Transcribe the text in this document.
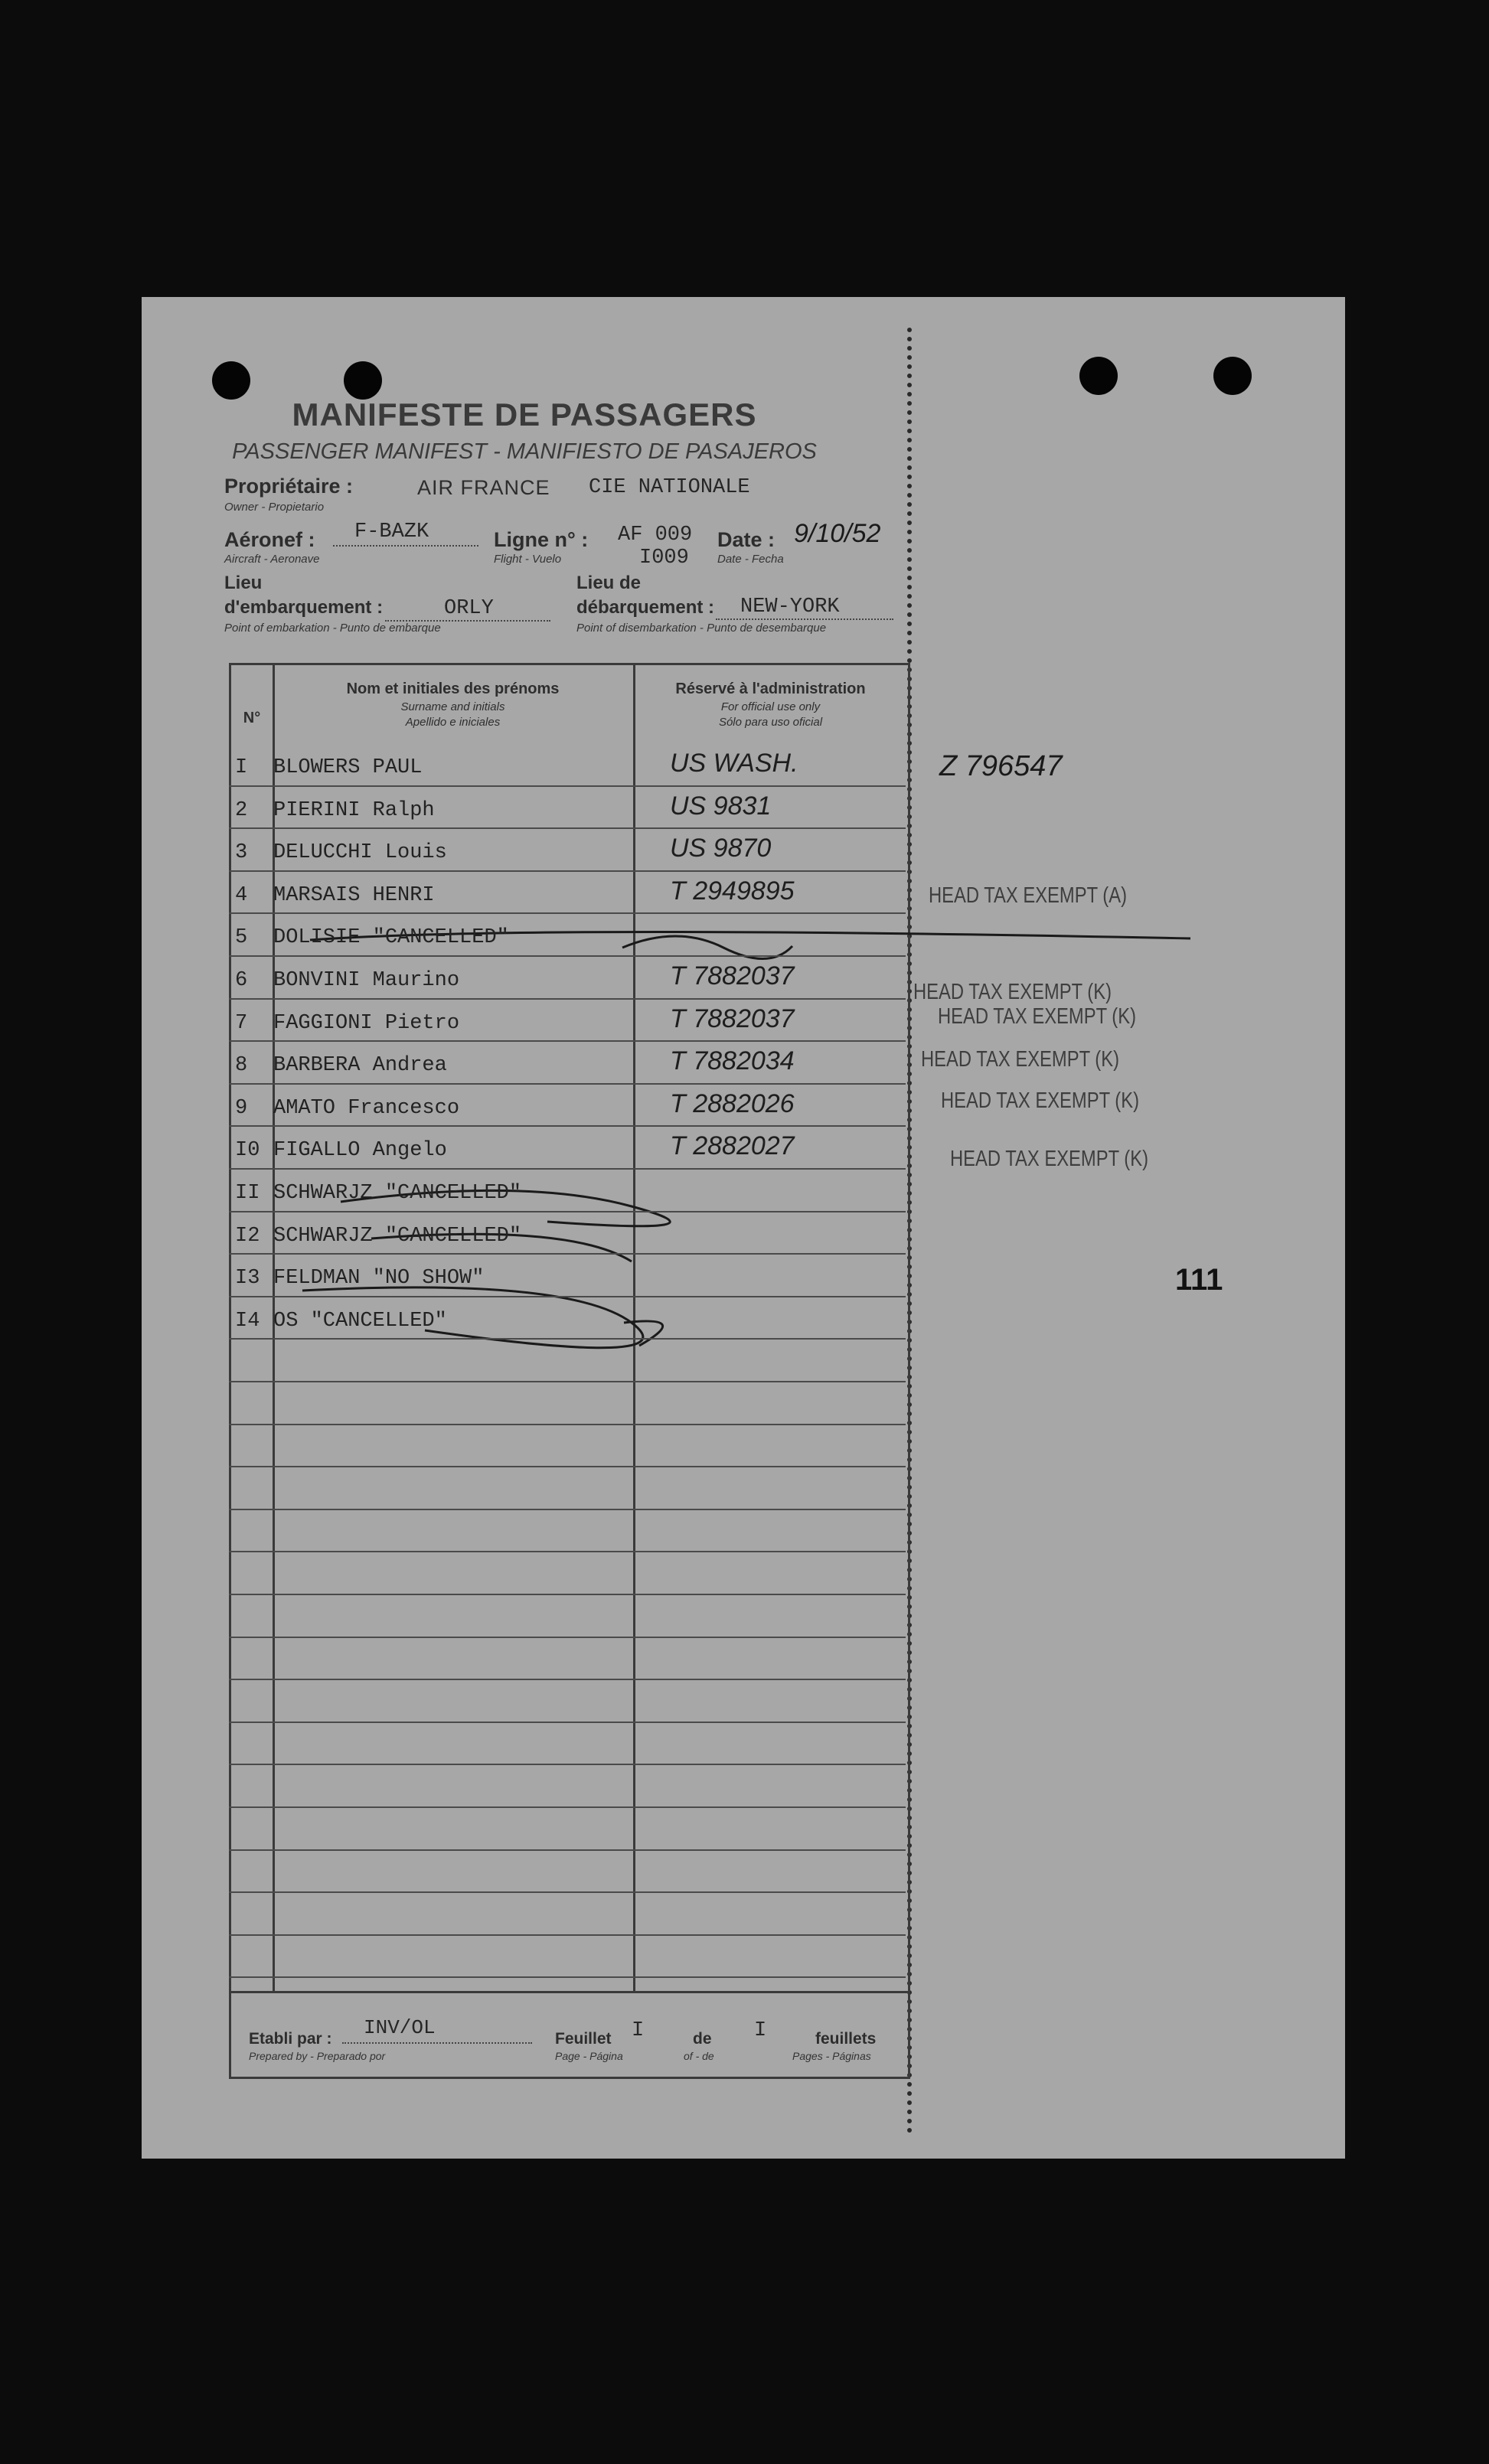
MANIFESTE DE PASSAGERS
PASSENGER MANIFEST - MANIFIESTO DE PASAJEROS
Propriétaire :
Owner - Propietario
AIR FRANCE CIE NATIONALE
Aéronef :
Aircraft - Aeronave
F-BAZK	Ligne n° :
Flight - Vuelo
AF 009
I009
Date :
Date - Fecha
9/10/52
Lieu
d'embarquement :
Point of embarkation - Punto de embarque
ORLY
Lieu de
débarquement :
Point of disembarkation - Punto de desembarque
NEW-YORK
N°
Nom et initiales des prénoms
Surname and initials
Apellido e iniciales
Réservé à l'administration
For official use only
Sólo para uso oficial
Z 796547
HEAD TAX EXEMPT (A)
HEAD TAX EXEMPT (K)
HEAD TAX EXEMPT (K)
HEAD TAX EXEMPT (K)
HEAD TAX EXEMPT (K)
HEAD TAX EXEMPT (K)
111
Etabli par :
Prepared by - Preparado por
INV/OL	Feuillet
Page - Página
I	de
of - de
I	feuillets
Pages - Páginas
I BLOWERS PAUL	US WASH.
2 PIERINI Ralph	US 9831
3 DELUCCHI Louis	US 9870
4 MARSAIS HENRI	T 2949895
5 DOLISIE "CANCELLED"
6 BONVINI Maurino	T 7882037
7 FAGGIONI Pietro	T 7882037
8 BARBERA Andrea	T 7882034
9 AMATO Francesco	T 2882026
I0 FIGALLO Angelo	T 2882027
II SCHWARJZ "CANCELLED"
I2 SCHWARJZ "CANCELLED"
I3 FELDMAN "NO SHOW"
I4 OS "CANCELLED"
